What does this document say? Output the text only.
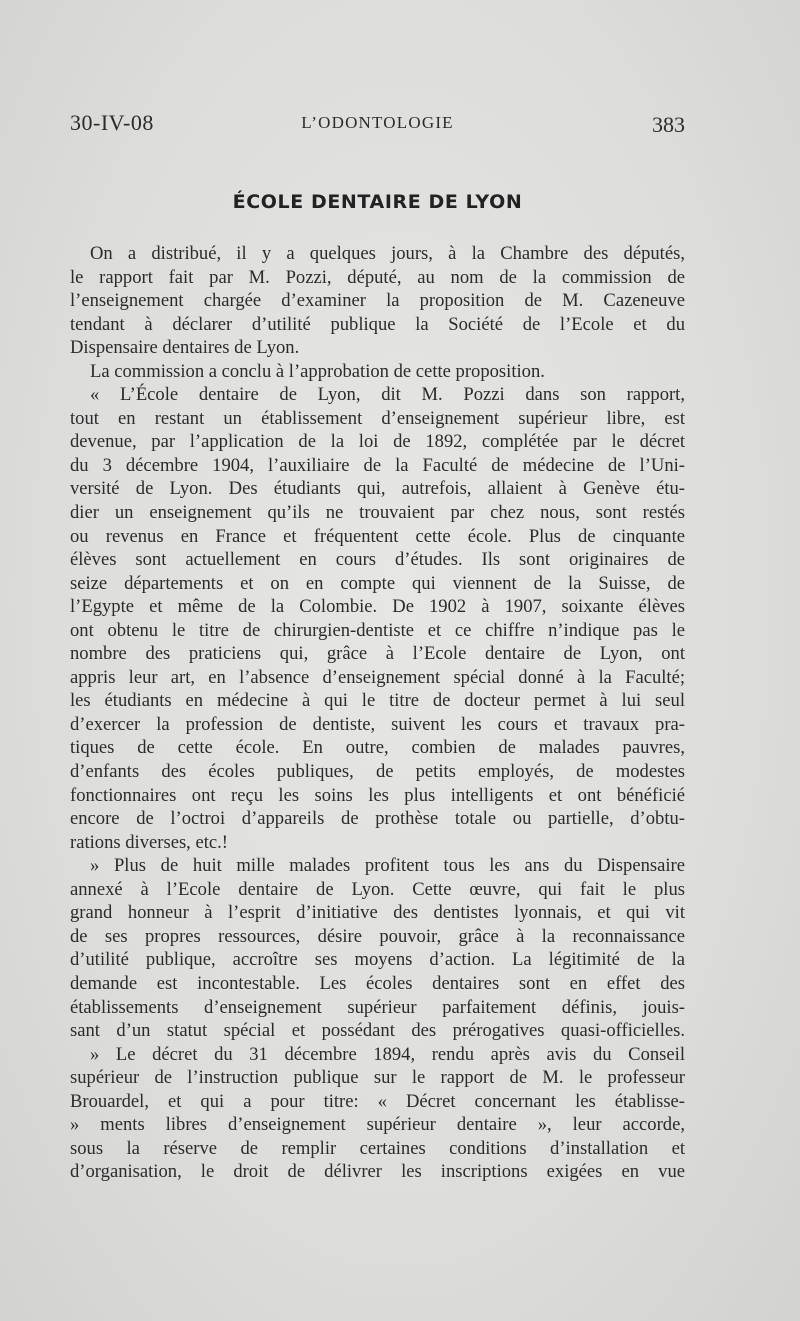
30-IV-08	L’ODONTOLOGIE	383
ÉCOLE DENTAIRE DE LYON
On a distribué, il y a quelques jours, à la Chambre des députés,
le rapport fait par M. Pozzi, député, au nom de la commission de
l’enseignement chargée d’examiner la proposition de M. Cazeneuve
tendant à déclarer d’utilité publique la Société de l’Ecole et du
Dispensaire dentaires de Lyon.
La commission a conclu à l’approbation de cette proposition.
« L’École dentaire de Lyon, dit M. Pozzi dans son rapport,
tout en restant un établissement d’enseignement supérieur libre, est
devenue, par l’application de la loi de 1892, complétée par le décret
du 3 décembre 1904, l’auxiliaire de la Faculté de médecine de l’Uni-
versité de Lyon. Des étudiants qui, autrefois, allaient à Genève étu-
dier un enseignement qu’ils ne trouvaient par chez nous, sont restés
ou revenus en France et fréquentent cette école. Plus de cinquante
élèves sont actuellement en cours d’études. Ils sont originaires de
seize départements et on en compte qui viennent de la Suisse, de
l’Egypte et même de la Colombie. De 1902 à 1907, soixante élèves
ont obtenu le titre de chirurgien-dentiste et ce chiffre n’indique pas le
nombre des praticiens qui, grâce à l’Ecole dentaire de Lyon, ont
appris leur art, en l’absence d’enseignement spécial donné à la Faculté;
les étudiants en médecine à qui le titre de docteur permet à lui seul
d’exercer la profession de dentiste, suivent les cours et travaux pra-
tiques de cette école. En outre, combien de malades pauvres,
d’enfants des écoles publiques, de petits employés, de modestes
fonctionnaires ont reçu les soins les plus intelligents et ont bénéficié
encore de l’octroi d’appareils de prothèse totale ou partielle, d’obtu-
rations diverses, etc.!
» Plus de huit mille malades profitent tous les ans du Dispensaire
annexé à l’Ecole dentaire de Lyon. Cette œuvre, qui fait le plus
grand honneur à l’esprit d’initiative des dentistes lyonnais, et qui vit
de ses propres ressources, désire pouvoir, grâce à la reconnaissance
d’utilité publique, accroître ses moyens d’action. La légitimité de la
demande est incontestable. Les écoles dentaires sont en effet des
établissements d’enseignement supérieur parfaitement définis, jouis-
sant d’un statut spécial et possédant des prérogatives quasi-officielles.
» Le décret du 31 décembre 1894, rendu après avis du Conseil
supérieur de l’instruction publique sur le rapport de M. le professeur
Brouardel, et qui a pour titre: « Décret concernant les établisse-
» ments libres d’enseignement supérieur dentaire », leur accorde,
sous la réserve de remplir certaines conditions d’installation et
d’organisation, le droit de délivrer les inscriptions exigées en vue
